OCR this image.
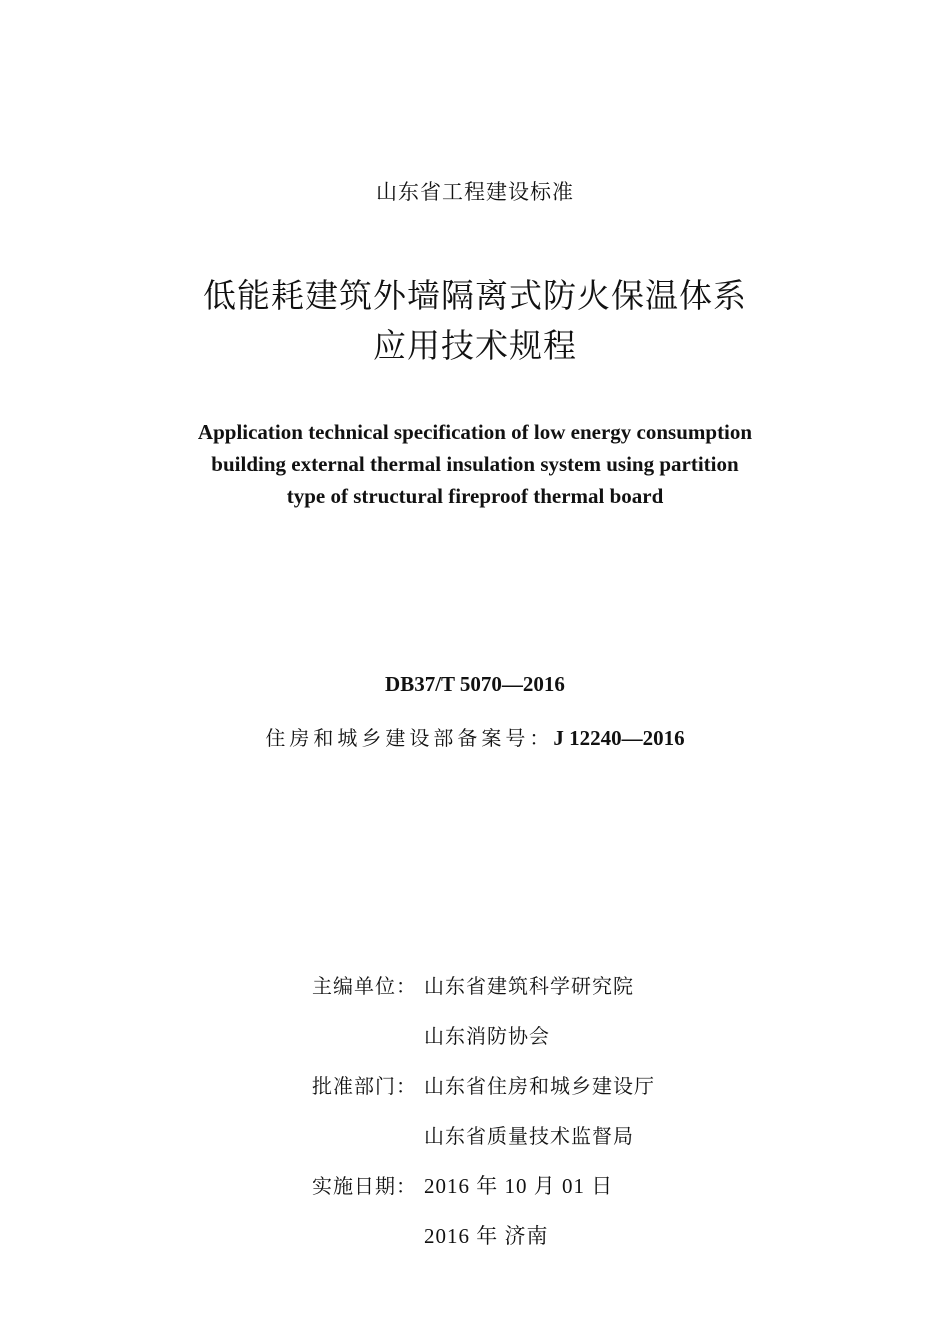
山东省工程建设标准
低能耗建筑外墙隔离式防火保温体系
应用技术规程
Application technical specification of low energy consumption
building external thermal insulation system using partition
type of structural fireproof thermal board
DB37/T 5070—2016
住房和城乡建设部备案号：J 12240—2016
主编单位： 山东省建筑科学研究院
山东消防协会
批准部门： 山东省住房和城乡建设厅
山东省质量技术监督局
实施日期： 2016 年 10 月 01 日
2016 年 济南
